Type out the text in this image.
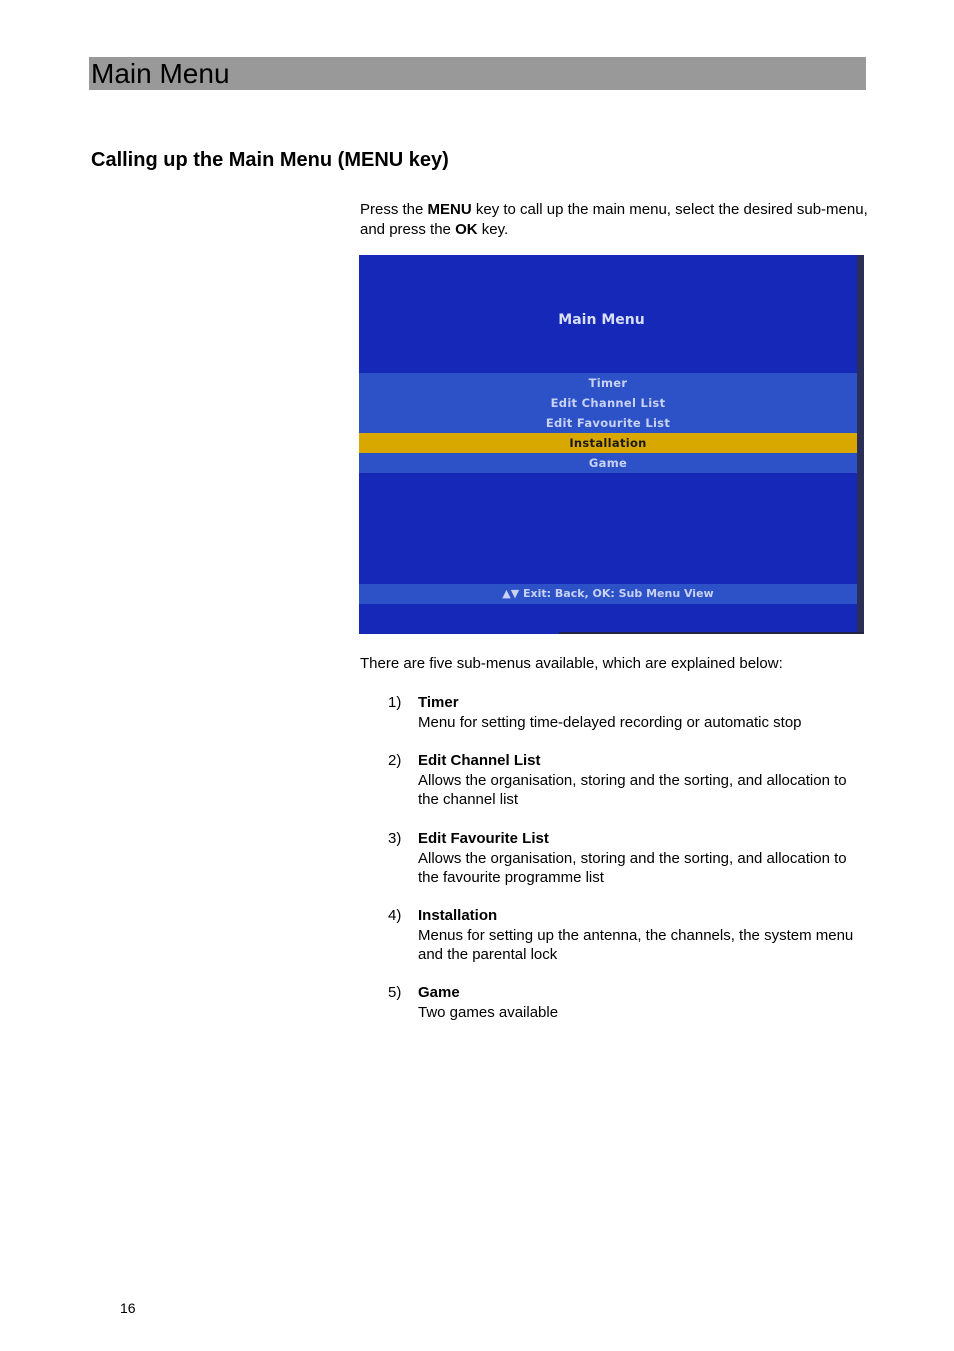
Main Menu
Calling up the Main Menu (MENU key)
Press the MENU key to call up the main menu, select the desired sub-menu, and press the OK key.
Main Menu
Timer
Edit Channel List
Edit Favourite List
Installation
Game
▲▼ Exit: Back, OK: Sub Menu View
There are five sub-menus available, which are explained below:
1) Timer
Menu for setting time-delayed recording or automatic stop
2) Edit Channel List
Allows the organisation, storing and the sorting, and allocation to the channel list
3) Edit Favourite List
Allows the organisation, storing and the sorting, and allocation to the favourite programme list
4) Installation
Menus for setting up the antenna, the channels, the system menu and the parental lock
5) Game
Two games available
16
